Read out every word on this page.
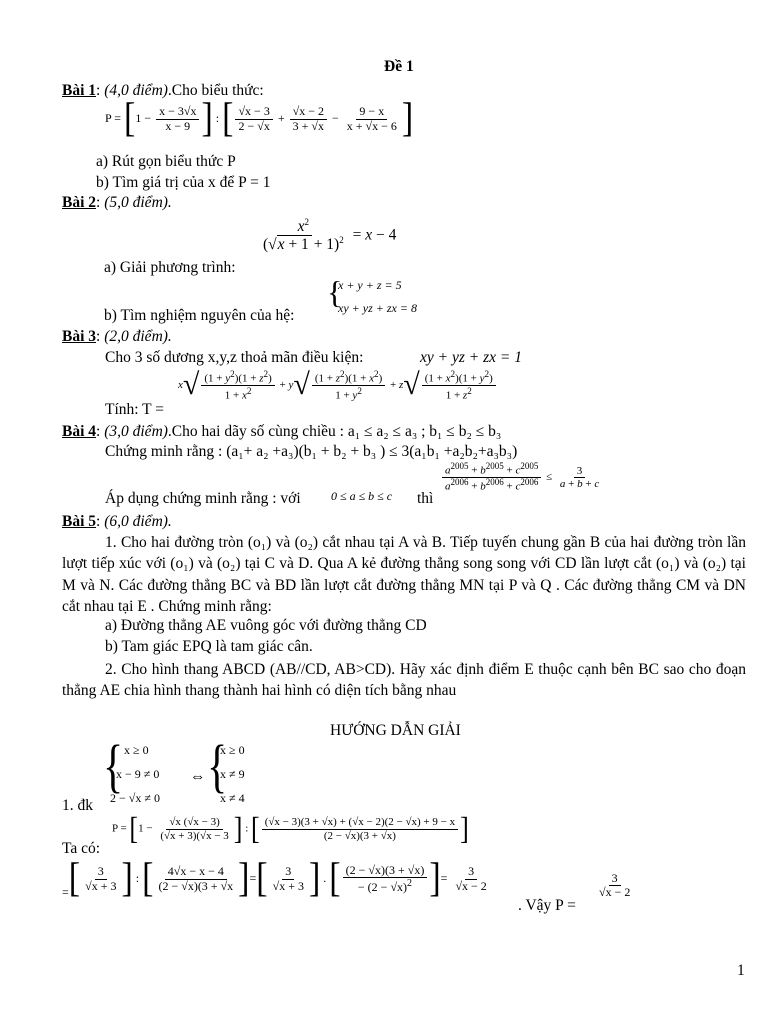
Đề 1
Bài 1: (4,0 điểm).Cho biểu thức:
$P = [1 - \frac{x - 3√x}{x - 9}$ ] : [ $\frac{√x - 3}{2 - √x} + \frac{√x - 2}{3 + √x} - \frac{9 - x}{x + √x - 6}$ ]
a) Rút gọn biểu thức P
b) Tìm giá trị của x để P = 1
Bài 2: (5,0 điểm).
$\frac{x^2}{(√x + 1 + 1)^2} = x - 4$
a) Giải phương trình:
b) Tìm nghiệm nguyên của hệ:
{
x + y + z = 5
xy + yz + zx = 8
Bài 3: (2,0 điểm).
Cho 3 số dương x,y,z thoả mãn điều kiện:	xy + yz + zx = 1
Tính: T =
$x√ \frac{(1 + y^2)(1 + z^2)}{1 + x^2} + y√ \frac{(1 + z^2)(1 + x^2)}{1 + y^2} + z√ \frac{(1 + x^2)(1 + y^2)}{1 + z^2}$
Bài 4: (3,0 điểm).Cho hai dãy số cùng chiều : a₁ ≤ a₂ ≤ a₃ ; b₁ ≤ b₂ ≤ b₃
Chứng minh rằng : (a₁+ a₂ +a₃)(b₁ + b₂ + b₃ ) ≤ 3(a₁b₁ +a₂b₂+a₃b₃)
Áp dụng chứng minh rằng : với	0 ≤ a ≤ b ≤ c thì
$\frac{a^{2005} + b^{2005} + c^{2005}}{a^{2006} + b^{2006} + c^{2006}} \le \frac{3}{a + b + c}$
Bài 5: (6,0 điểm).
1. Cho hai đường tròn (o₁) và (o₂) cắt nhau tại A và B. Tiếp tuyến chung gần B của hai đường tròn lần lượt tiếp xúc với (o₁) và (o₂) tại C và D. Qua A kẻ đường thẳng song song với CD lần lượt cắt (o₁) và (o₂) tại M và N. Các đường thẳng BC và BD lần lượt cắt đường thẳng MN tại P và Q . Các đường thẳng CM và DN cắt nhau tại E . Chứng minh rằng:
a) Đường thẳng AE vuông góc với đường thẳng CD
b) Tam giác EPQ là tam giác cân.
2. Cho hình thang ABCD (AB//CD, AB>CD). Hãy xác định điểm E thuộc cạnh bên BC sao cho đoạn thẳng AE chia hình thang thành hai hình có diện tích bằng nhau
HƯỚNG DẪN GIẢI
{ x ≥ 0
x − 9 ≠ 0
2 − √x ≠ 0
⇔ {
x ≥ 0
x ≠ 9
x ≠ 4
1. đk
Ta có:
$P = [1 - \frac{√x (√x - 3)}{(√x + 3)(√x - 3}$ ] : [ $\frac{(√x - 3)(3 + √x) + (√x - 2)(2 - √x) + 9 - x}{(2 - √x)(3 + √x)}$ ]
=[ $\frac{3}{√x + 3}$ ] : [ $\frac{4√x - x - 4}{(2 - √x)(3 + √x}$ ]=[ $\frac{3}{√x + 3}$ ] . [ $\frac{(2 - √x)(3 + √x)}{- (2 - √x)^2}$ ]= $\frac{3}{√x - 2}$
. Vậy P =
$\frac{3}{√x - 2}$
1
